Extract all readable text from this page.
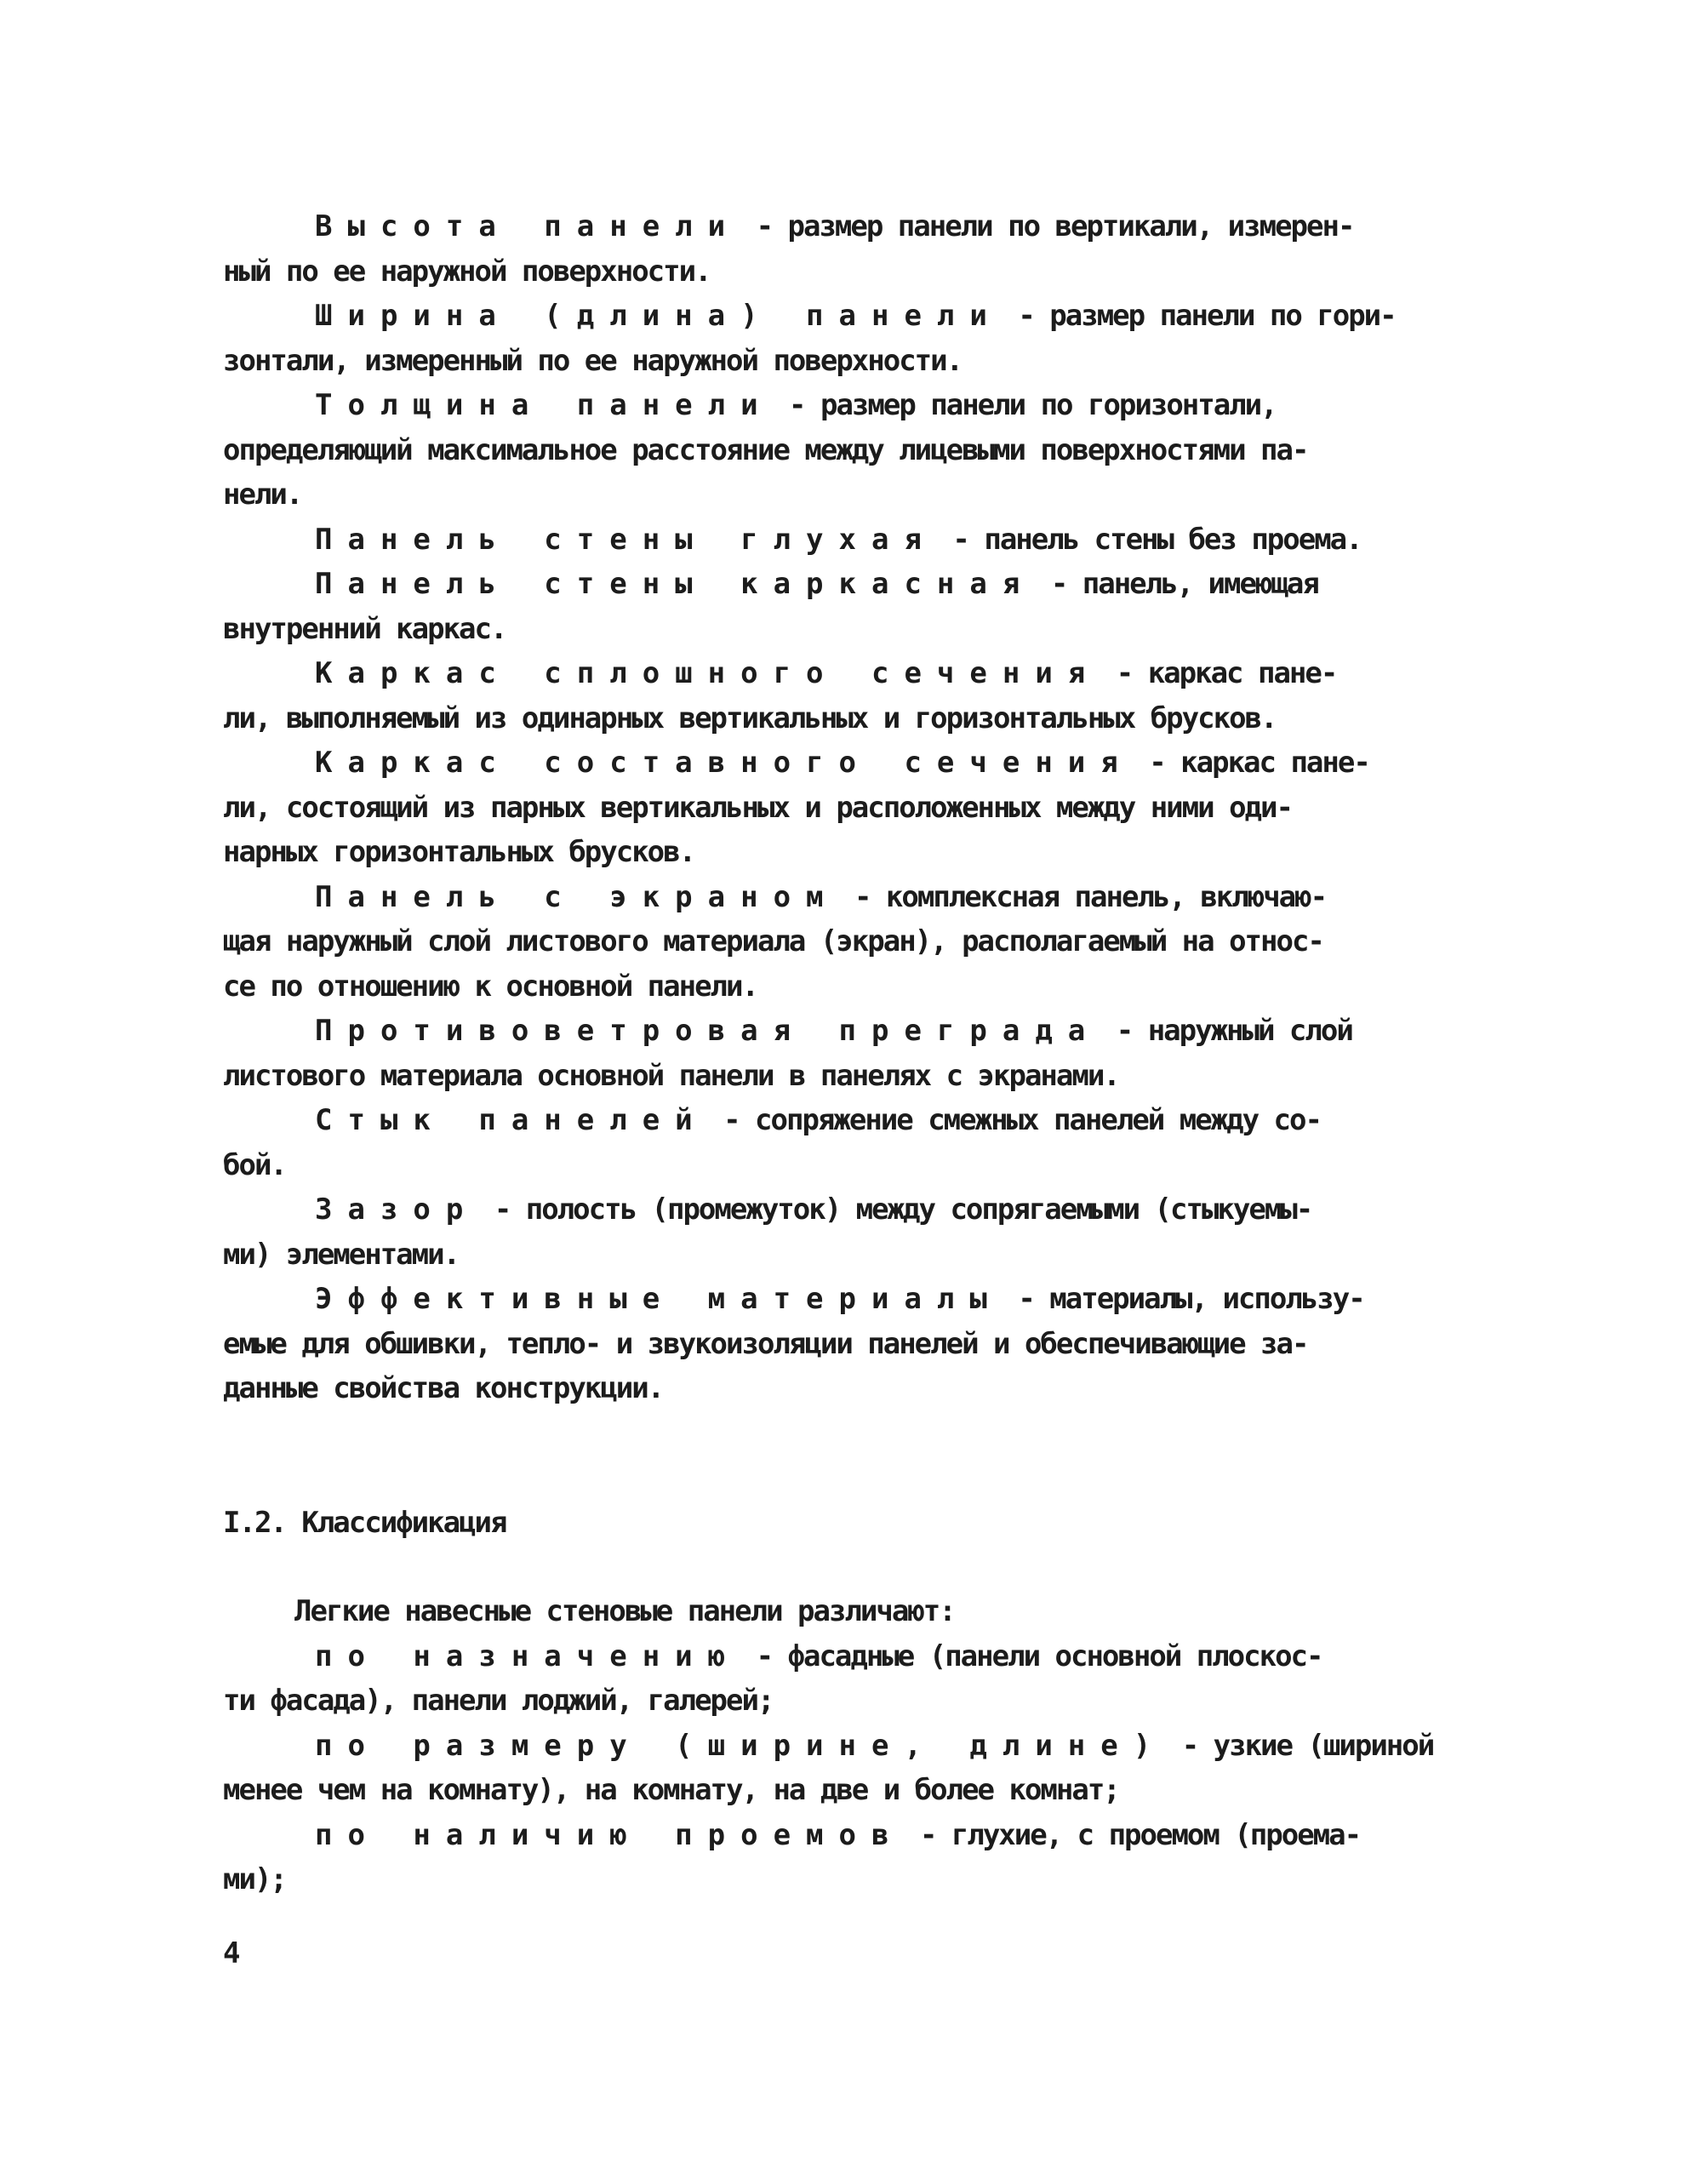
Высота панели - размер панели по вертикали, измерен-
ный по ее наружной поверхности.
Ширина (длина) панели - размер панели по гори-
зонтали, измеренный по ее наружной поверхности.
Толщина панели - размер панели по горизонтали,
определяющий максимальное расстояние между лицевыми поверхностями па-
нели.
Панель стены глухая - панель стены без проема.
Панель стены каркасная - панель, имеющая
внутренний каркас.
Каркас сплошного сечения - каркас пане-
ли, выполняемый из одинарных вертикальных и горизонтальных брусков.
Каркас составного сечения - каркас пане-
ли, состоящий из парных вертикальных и расположенных между ними оди-
нарных горизонтальных брусков.
Панель с экраном - комплексная панель, включаю-
щая наружный слой листового материала (экран), располагаемый на относ-
се по отношению к основной панели.
Противоветровая преграда - наружный слой
листового материала основной панели в панелях с экранами.
Стык панелей - сопряжение смежных панелей между со-
бой.
Зазор - полость (промежуток) между сопрягаемыми (стыкуемы-
ми) элементами.
Эффективные материалы - материалы, использу-
емые для обшивки, тепло- и звукоизоляции панелей и обеспечивающие за-
данные свойства конструкции.
I.2. Классификация
Легкие навесные стеновые панели различают:
по назначению - фасадные (панели основной плоскос-
ти фасада), панели лоджий, галерей;
по размеру (ширине, длине) - узкие (шириной
менее чем на комнату), на комнату, на две и более комнат;
по наличию проемов - глухие, с проемом (проема-
ми);
4
